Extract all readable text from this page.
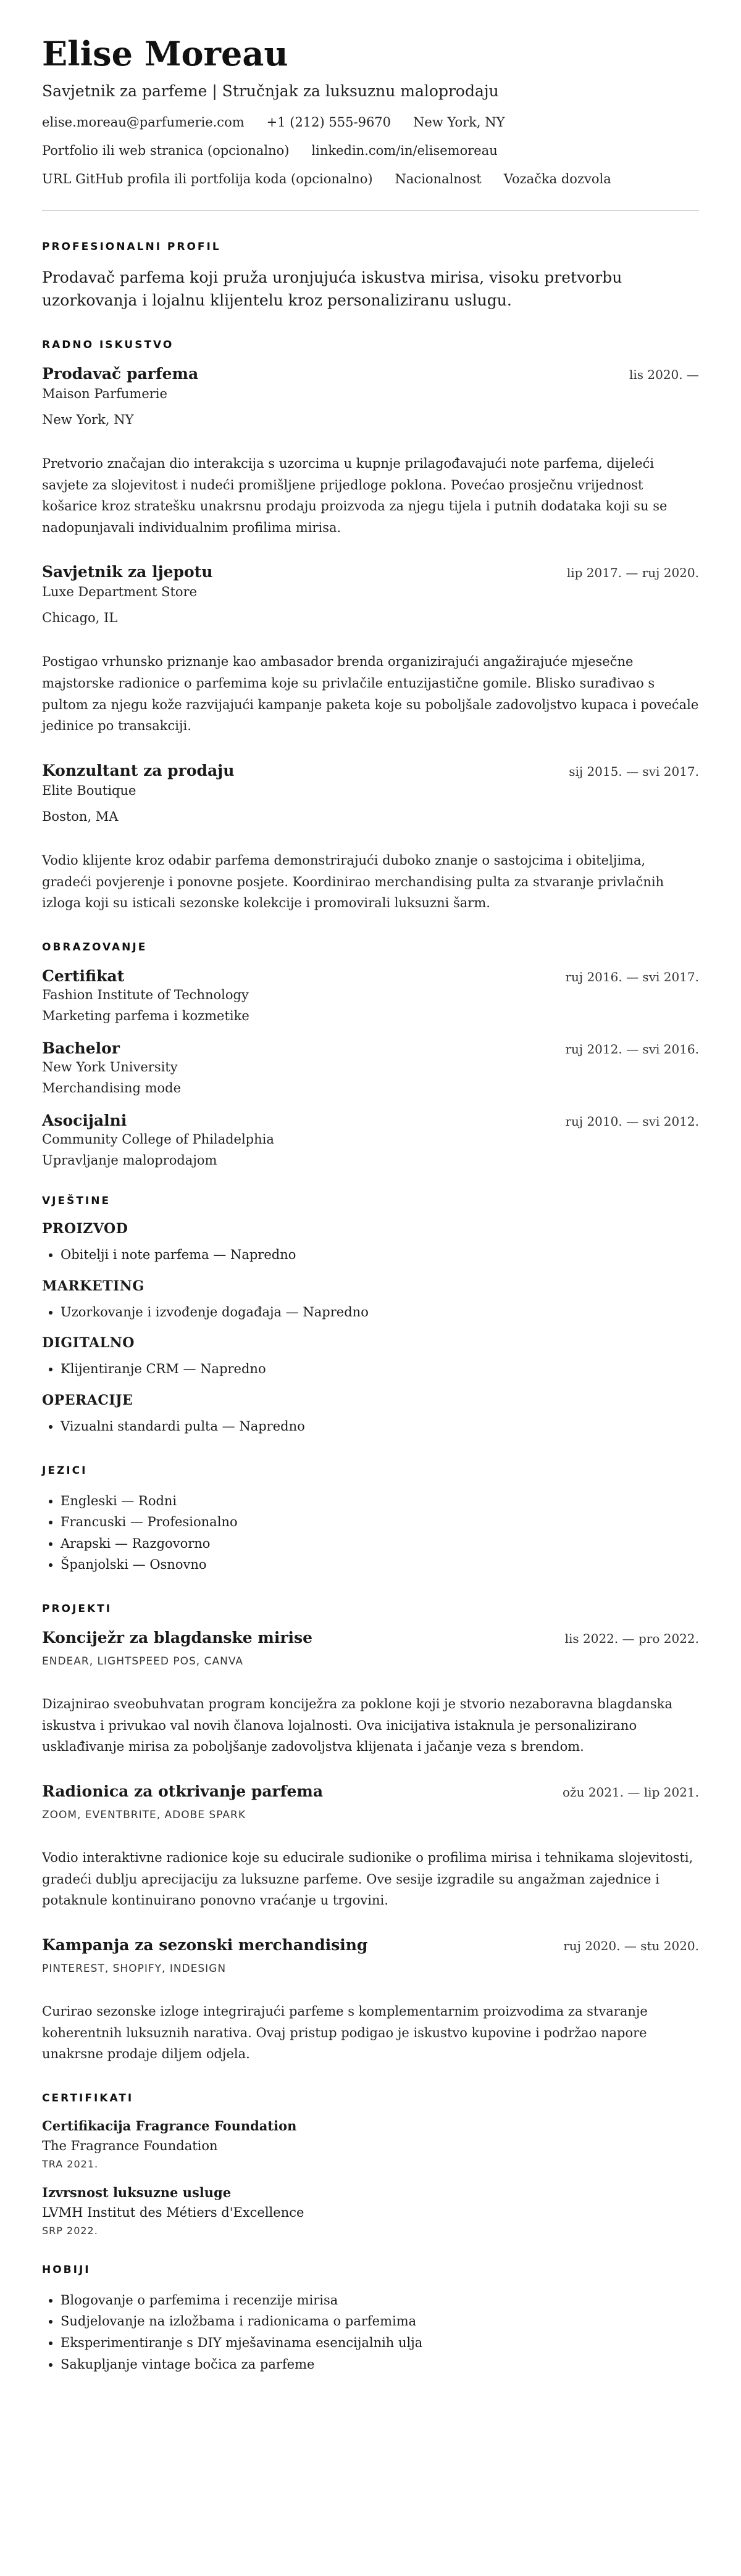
Elise Moreau
Savjetnik za parfeme | Stručnjak za luksuznu maloprodaju
elise.moreau@parfumerie.com +1 (212) 555-9670 New York, NY
Portfolio ili web stranica (opcionalno) linkedin.com/in/elisemoreau
URL GitHub profila ili portfolija koda (opcionalno) Nacionalnost Vozačka dozvola
PROFESIONALNI PROFIL

Prodavač parfema koji pruža uronjujuća iskustva mirisa, visoku pretvorbu uzorkovanja i lojalnu klijentelu kroz personaliziranu uslugu.

RADNO ISKUSTVO
Prodavač parfema	lis 2020. —
Maison Parfumerie
New York, NY
Pretvorio značajan dio interakcija s uzorcima u kupnje prilagođavajući note parfema, dijeleći savjete za slojevitost i nudeći promišljene prijedloge poklona. Povećao prosječnu vrijednost košarice kroz stratešku unakrsnu prodaju proizvoda za njegu tijela i putnih dodataka koji su se nadopunjavali individualnim profilima mirisa.
Savjetnik za ljepotu	lip 2017. — ruj 2020.
Luxe Department Store
Chicago, IL
Postigao vrhunsko priznanje kao ambasador brenda organizirajući angažirajuće mjesečne majstorske radionice o parfemima koje su privlačile entuzijastične gomile. Blisko surađivao s pultom za njegu kože razvijajući kampanje paketa koje su poboljšale zadovoljstvo kupaca i povećale jedinice po transakciji.
Konzultant za prodaju	sij 2015. — svi 2017.
Elite Boutique
Boston, MA
Vodio klijente kroz odabir parfema demonstrirajući duboko znanje o sastojcima i obiteljima, gradeći povjerenje i ponovne posjete. Koordinirao merchandising pulta za stvaranje privlačnih izloga koji su isticali sezonske kolekcije i promovirali luksuzni šarm.
OBRAZOVANJE
Certifikat	ruj 2016. — svi 2017.
Fashion Institute of Technology
Marketing parfema i kozmetike
Bachelor	ruj 2012. — svi 2016.
New York University
Merchandising mode
Asocijalni	ruj 2010. — svi 2012.
Community College of Philadelphia
Upravljanje maloprodajom
VJEŠTINE
PROIZVOD
• Obitelji i note parfema — Napredno
MARKETING
• Uzorkovanje i izvođenje događaja — Napredno
DIGITALNO
• Klijentiranje CRM — Napredno
OPERACIJE
• Vizualni standardi pulta — Napredno
JEZICI
• Engleski — Rodni
• Francuski — Profesionalno
• Arapski — Razgovorno
• Španjolski — Osnovno
PROJEKTI
Konciježr za blagdanske mirise	lis 2022. — pro 2022.
ENDEAR, LIGHTSPEED POS, CANVA
Dizajnirao sveobuhvatan program konciježra za poklone koji je stvorio nezaboravna blagdanska iskustva i privukao val novih članova lojalnosti. Ova inicijativa istaknula je personalizirano usklađivanje mirisa za poboljšanje zadovoljstva klijenata i jačanje veza s brendom.
Radionica za otkrivanje parfema	ožu 2021. — lip 2021.
ZOOM, EVENTBRITE, ADOBE SPARK
Vodio interaktivne radionice koje su educirale sudionike o profilima mirisa i tehnikama slojevitosti, gradeći dublju aprecijaciju za luksuzne parfeme. Ove sesije izgradile su angažman zajednice i potaknule kontinuirano ponovno vraćanje u trgovini.
Kampanja za sezonski merchandising	ruj 2020. — stu 2020.
PINTEREST, SHOPIFY, INDESIGN
Curirao sezonske izloge integrirajući parfeme s komplementarnim proizvodima za stvaranje koherentnih luksuznih narativa. Ovaj pristup podigao je iskustvo kupovine i podržao napore unakrsne prodaje diljem odjela.
CERTIFIKATI
Certifikacija Fragrance Foundation
The Fragrance Foundation
TRA 2021.
Izvrsnost luksuzne usluge
LVMH Institut des Métiers d'Excellence
SRP 2022.
HOBIJI
• Blogovanje o parfemima i recenzije mirisa
• Sudjelovanje na izložbama i radionicama o parfemima
• Eksperimentiranje s DIY mješavinama esencijalnih ulja
• Sakupljanje vintage bočica za parfeme
